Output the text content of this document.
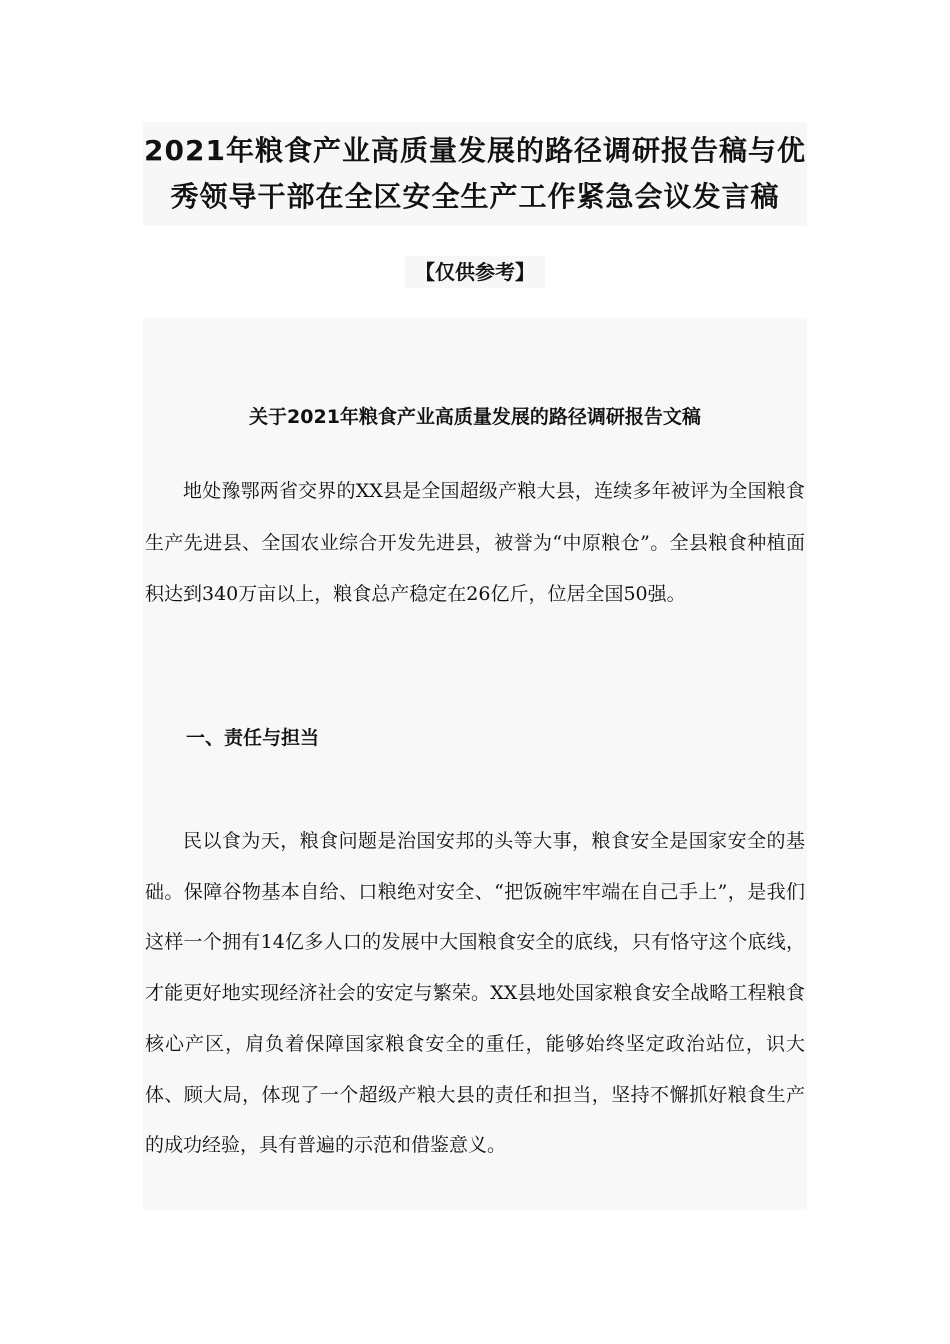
2021年粮食产业高质量发展的路径调研报告稿与优
秀领导干部在全区安全生产工作紧急会议发言稿
【仅供参考】
关于2021年粮食产业高质量发展的路径调研报告文稿

地处豫鄂两省交界的XX县是全国超级产粮大县，连续多年被评为全国粮食生产先进县、全国农业综合开发先进县，被誉为“中原粮仓”。全县粮食种植面积达到340万亩以上，粮食总产稳定在26亿斤，位居全国50强。

一、责任与担当

民以食为天，粮食问题是治国安邦的头等大事，粮食安全是国家安全的基础。保障谷物基本自给、口粮绝对安全、“把饭碗牢牢端在自己手上”，是我们这样一个拥有14亿多人口的发展中大国粮食安全的底线，只有恪守这个底线，才能更好地实现经济社会的安定与繁荣。XX县地处国家粮食安全战略工程粮食核心产区，肩负着保障国家粮食安全的重任，能够始终坚定政治站位，识大体、顾大局，体现了一个超级产粮大县的责任和担当，坚持不懈抓好粮食生产的成功经验，具有普遍的示范和借鉴意义。
